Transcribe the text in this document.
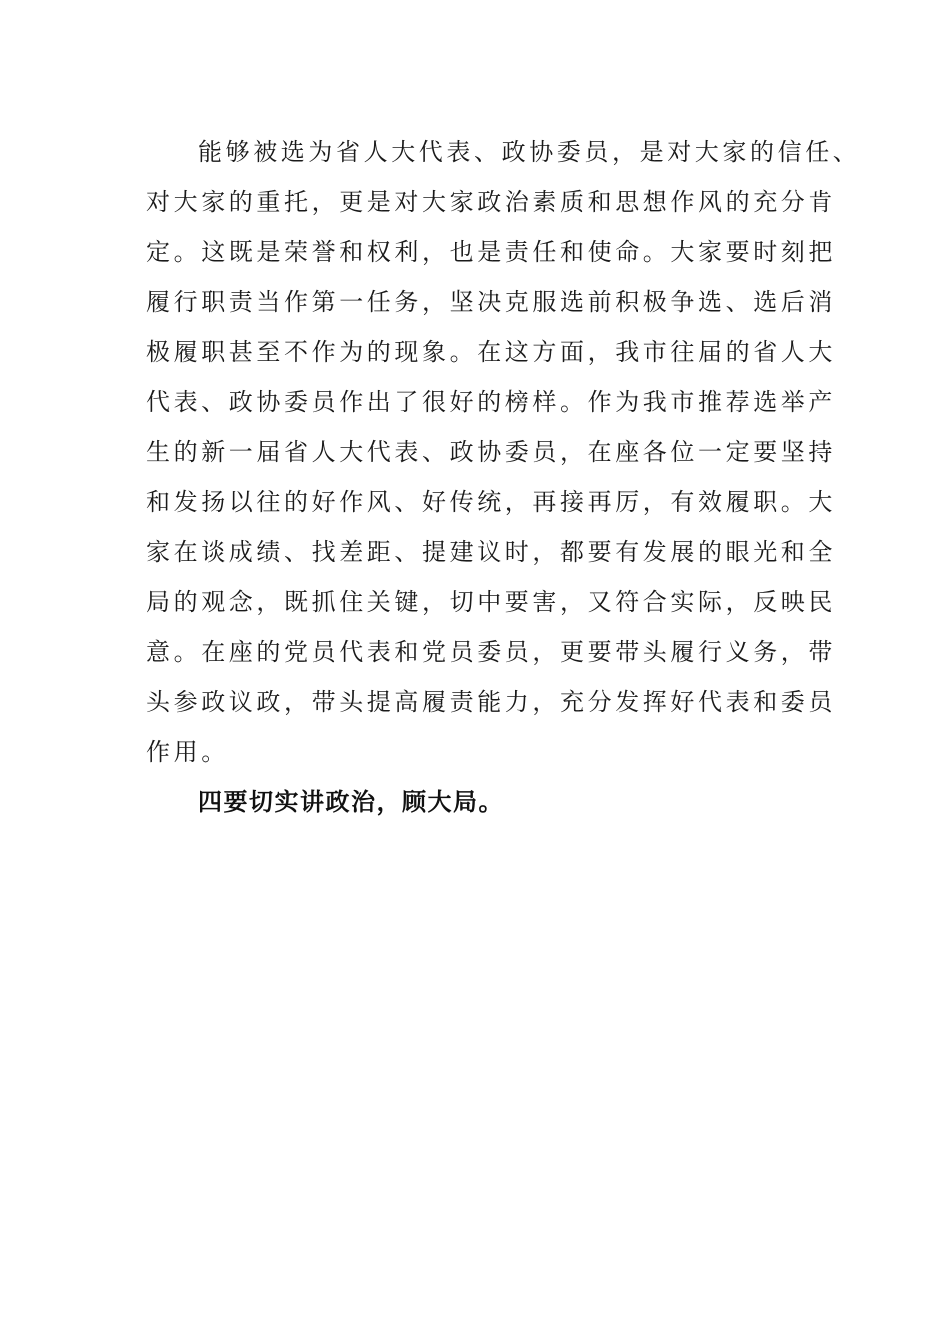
能够被选为省人大代表、政协委员，是对大家的信任、
对大家的重托，更是对大家政治素质和思想作风的充分肯
定。这既是荣誉和权利，也是责任和使命。大家要时刻把
履行职责当作第一任务，坚决克服选前积极争选、选后消
极履职甚至不作为的现象。在这方面，我市往届的省人大
代表、政协委员作出了很好的榜样。作为我市推荐选举产
生的新一届省人大代表、政协委员，在座各位一定要坚持
和发扬以往的好作风、好传统，再接再厉，有效履职。大
家在谈成绩、找差距、提建议时，都要有发展的眼光和全
局的观念，既抓住关键，切中要害，又符合实际，反映民
意。在座的党员代表和党员委员，更要带头履行义务，带
头参政议政，带头提高履责能力，充分发挥好代表和委员
作用。
四要切实讲政治，顾大局。
